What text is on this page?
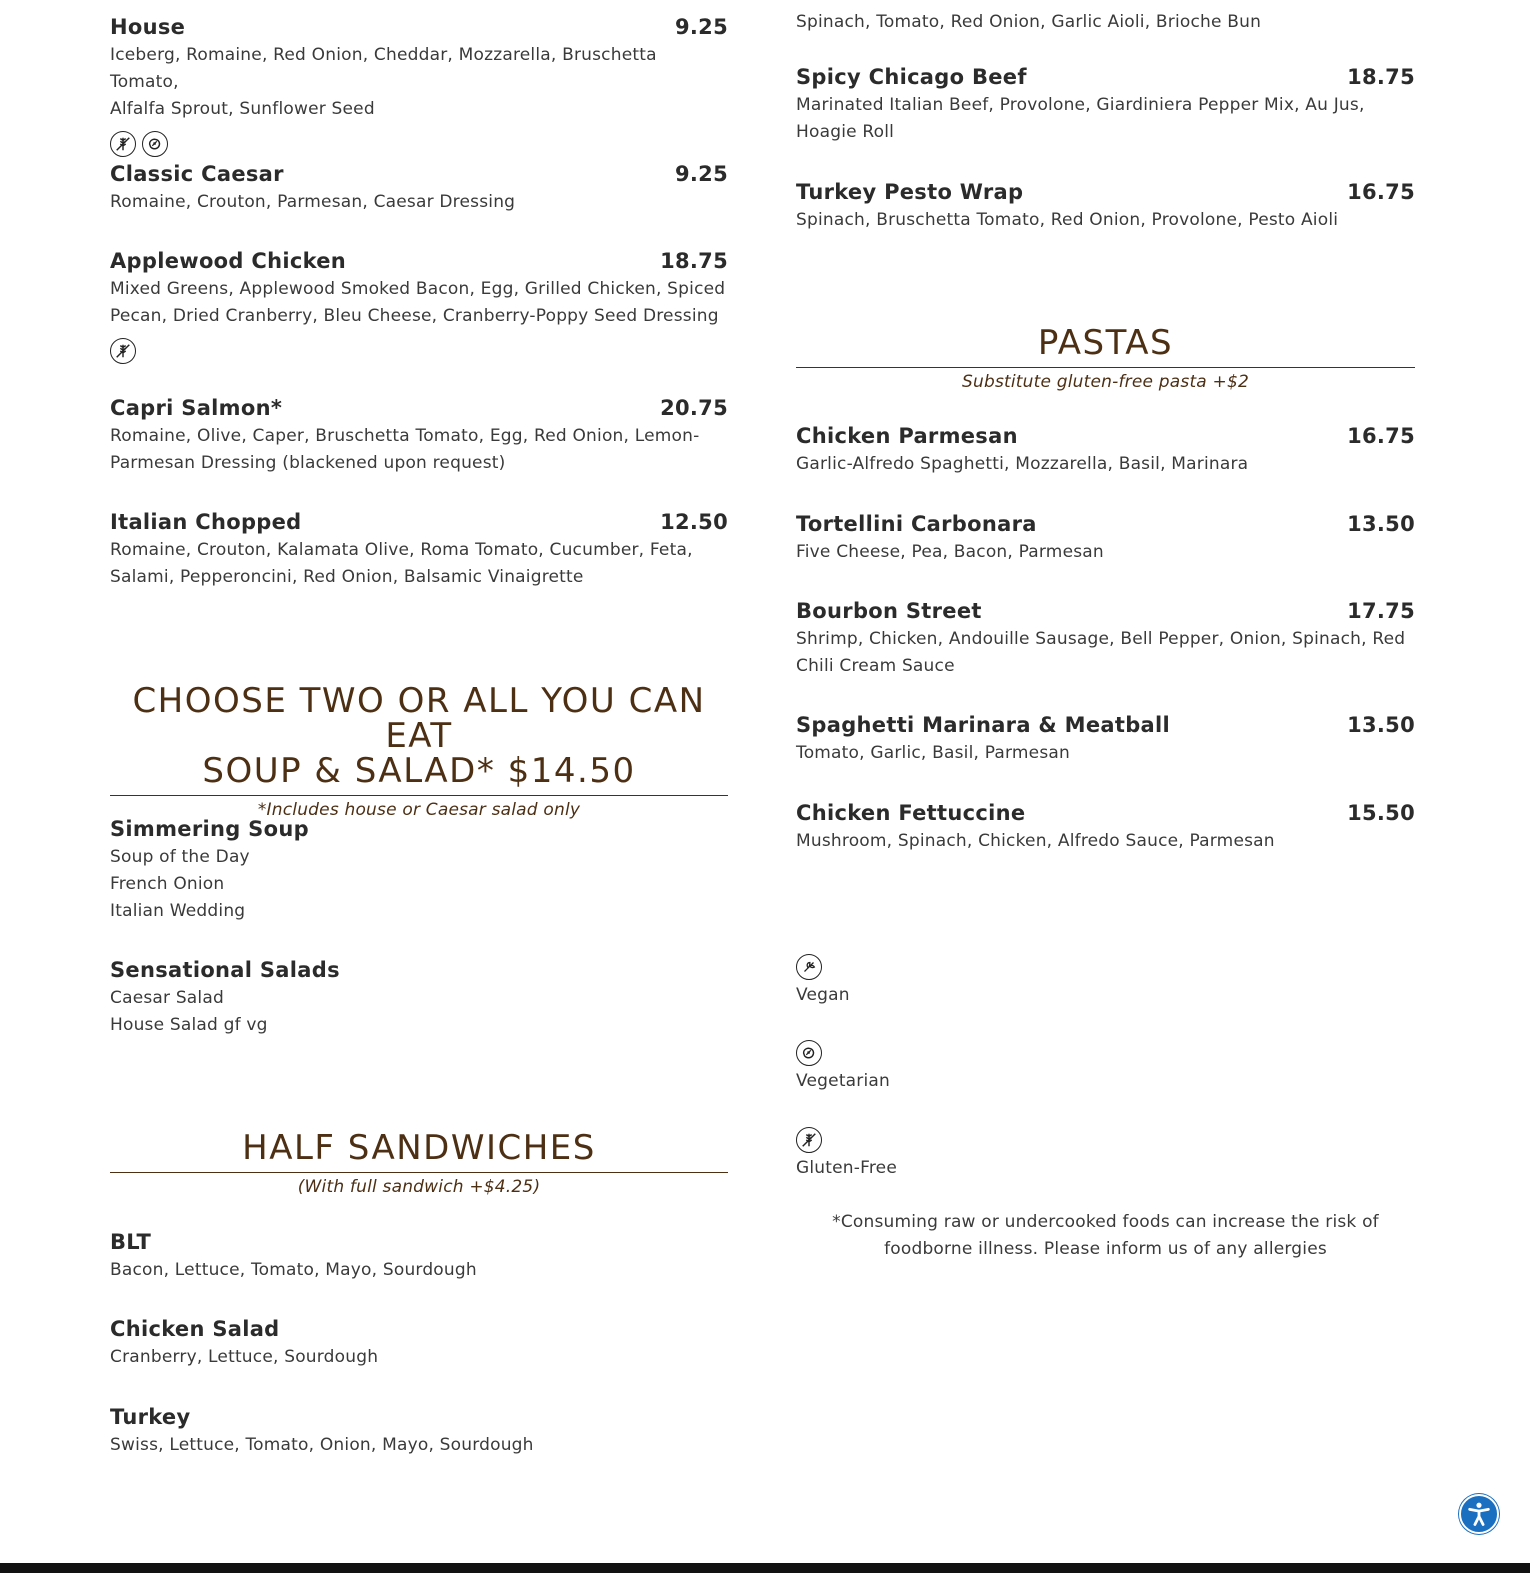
House	9.25
Iceberg, Romaine, Red Onion, Cheddar, Mozzarella, Bruschetta Tomato,
Alfalfa Sprout, Sunflower Seed
Classic Caesar	9.25
Romaine, Crouton, Parmesan, Caesar Dressing
Applewood Chicken	18.75
Mixed Greens, Applewood Smoked Bacon, Egg, Grilled Chicken, Spiced
Pecan, Dried Cranberry, Bleu Cheese, Cranberry-Poppy Seed Dressing
Capri Salmon*	20.75
Romaine, Olive, Caper, Bruschetta Tomato, Egg, Red Onion, Lemon-
Parmesan Dressing (blackened upon request)
Italian Chopped	12.50
Romaine, Crouton, Kalamata Olive, Roma Tomato, Cucumber, Feta,
Salami, Pepperoncini, Red Onion, Balsamic Vinaigrette
CHOOSE TWO OR ALL YOU CAN EAT
SOUP & SALAD* $14.50
*Includes house or Caesar salad only
Simmering Soup
Soup of the Day
French Onion
Italian Wedding
Sensational Salads
Caesar Salad
House Salad gf vg
HALF SANDWICHES
(With full sandwich +$4.25)
BLT
Bacon, Lettuce, Tomato, Mayo, Sourdough
Chicken Salad
Cranberry, Lettuce, Sourdough
Turkey
Swiss, Lettuce, Tomato, Onion, Mayo, Sourdough
Spinach, Tomato, Red Onion, Garlic Aioli, Brioche Bun
Spicy Chicago Beef	18.75
Marinated Italian Beef, Provolone, Giardiniera Pepper Mix, Au Jus,
Hoagie Roll
Turkey Pesto Wrap	16.75
Spinach, Bruschetta Tomato, Red Onion, Provolone, Pesto Aioli
PASTAS
Substitute gluten-free pasta +$2
Chicken Parmesan	16.75
Garlic-Alfredo Spaghetti, Mozzarella, Basil, Marinara
Tortellini Carbonara	13.50
Five Cheese, Pea, Bacon, Parmesan
Bourbon Street	17.75
Shrimp, Chicken, Andouille Sausage, Bell Pepper, Onion, Spinach, Red
Chili Cream Sauce
Spaghetti Marinara & Meatball	13.50
Tomato, Garlic, Basil, Parmesan
Chicken Fettuccine	15.50
Mushroom, Spinach, Chicken, Alfredo Sauce, Parmesan
Vegan
Vegetarian
Gluten-Free
*Consuming raw or undercooked foods can increase the risk of
foodborne illness. Please inform us of any allergies
